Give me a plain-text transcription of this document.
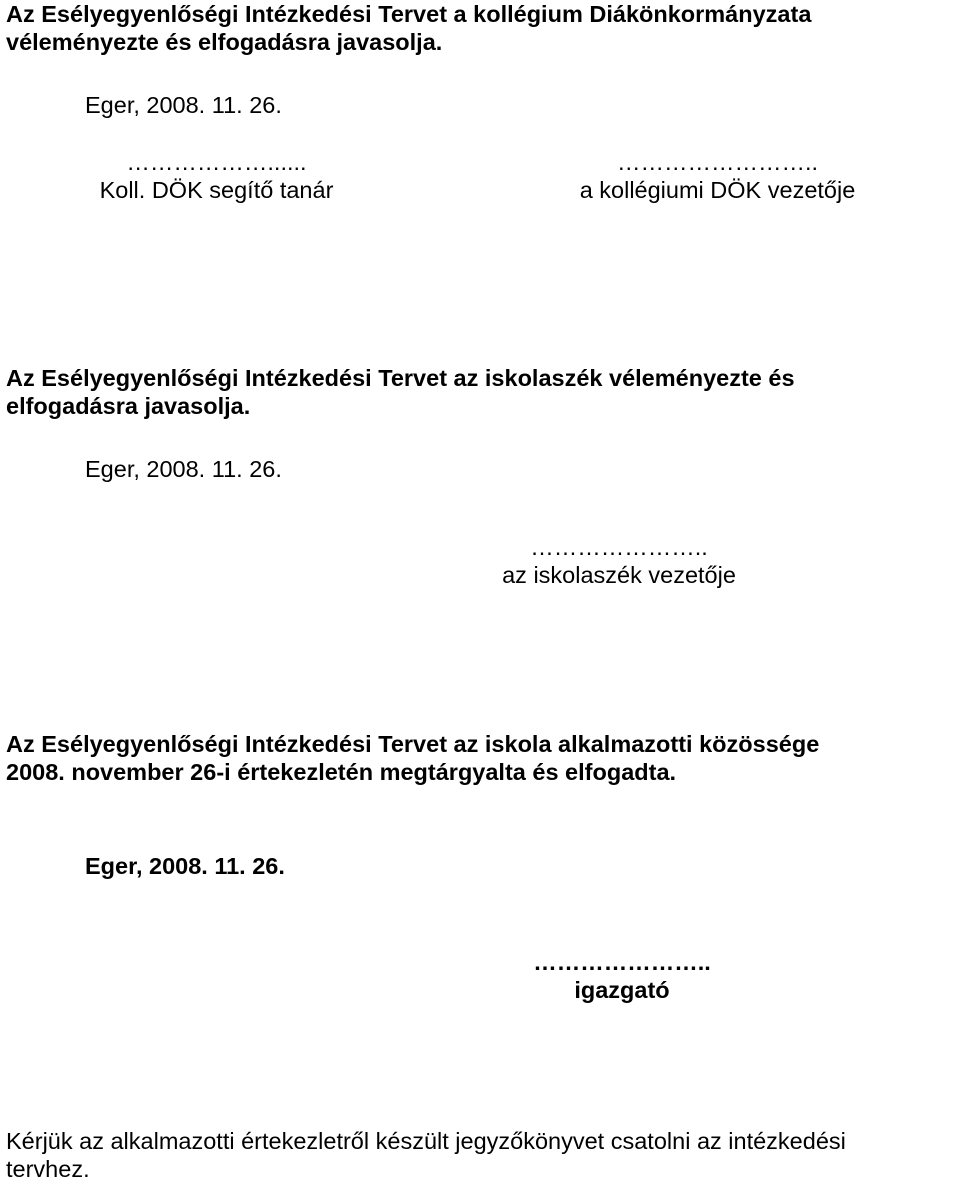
Az Esélyegyenlőségi Intézkedési Tervet a kollégium Diákönkormányzata
véleményezte és elfogadásra javasolja.
Eger, 2008. 11. 26.
………………......
Koll. DÖK segítő tanár
……………………..
a kollégiumi DÖK vezetője
Az Esélyegyenlőségi Intézkedési Tervet az iskolaszék véleményezte és
elfogadásra javasolja.
Eger, 2008. 11. 26.
…………………..
az iskolaszék vezetője
Az Esélyegyenlőségi Intézkedési Tervet az iskola alkalmazotti közössége
2008. november 26-i értekezletén megtárgyalta és elfogadta.
Eger, 2008. 11. 26.
…………………..
igazgató
Kérjük az alkalmazotti értekezletről készült jegyzőkönyvet csatolni az intézkedési
tervhez.
